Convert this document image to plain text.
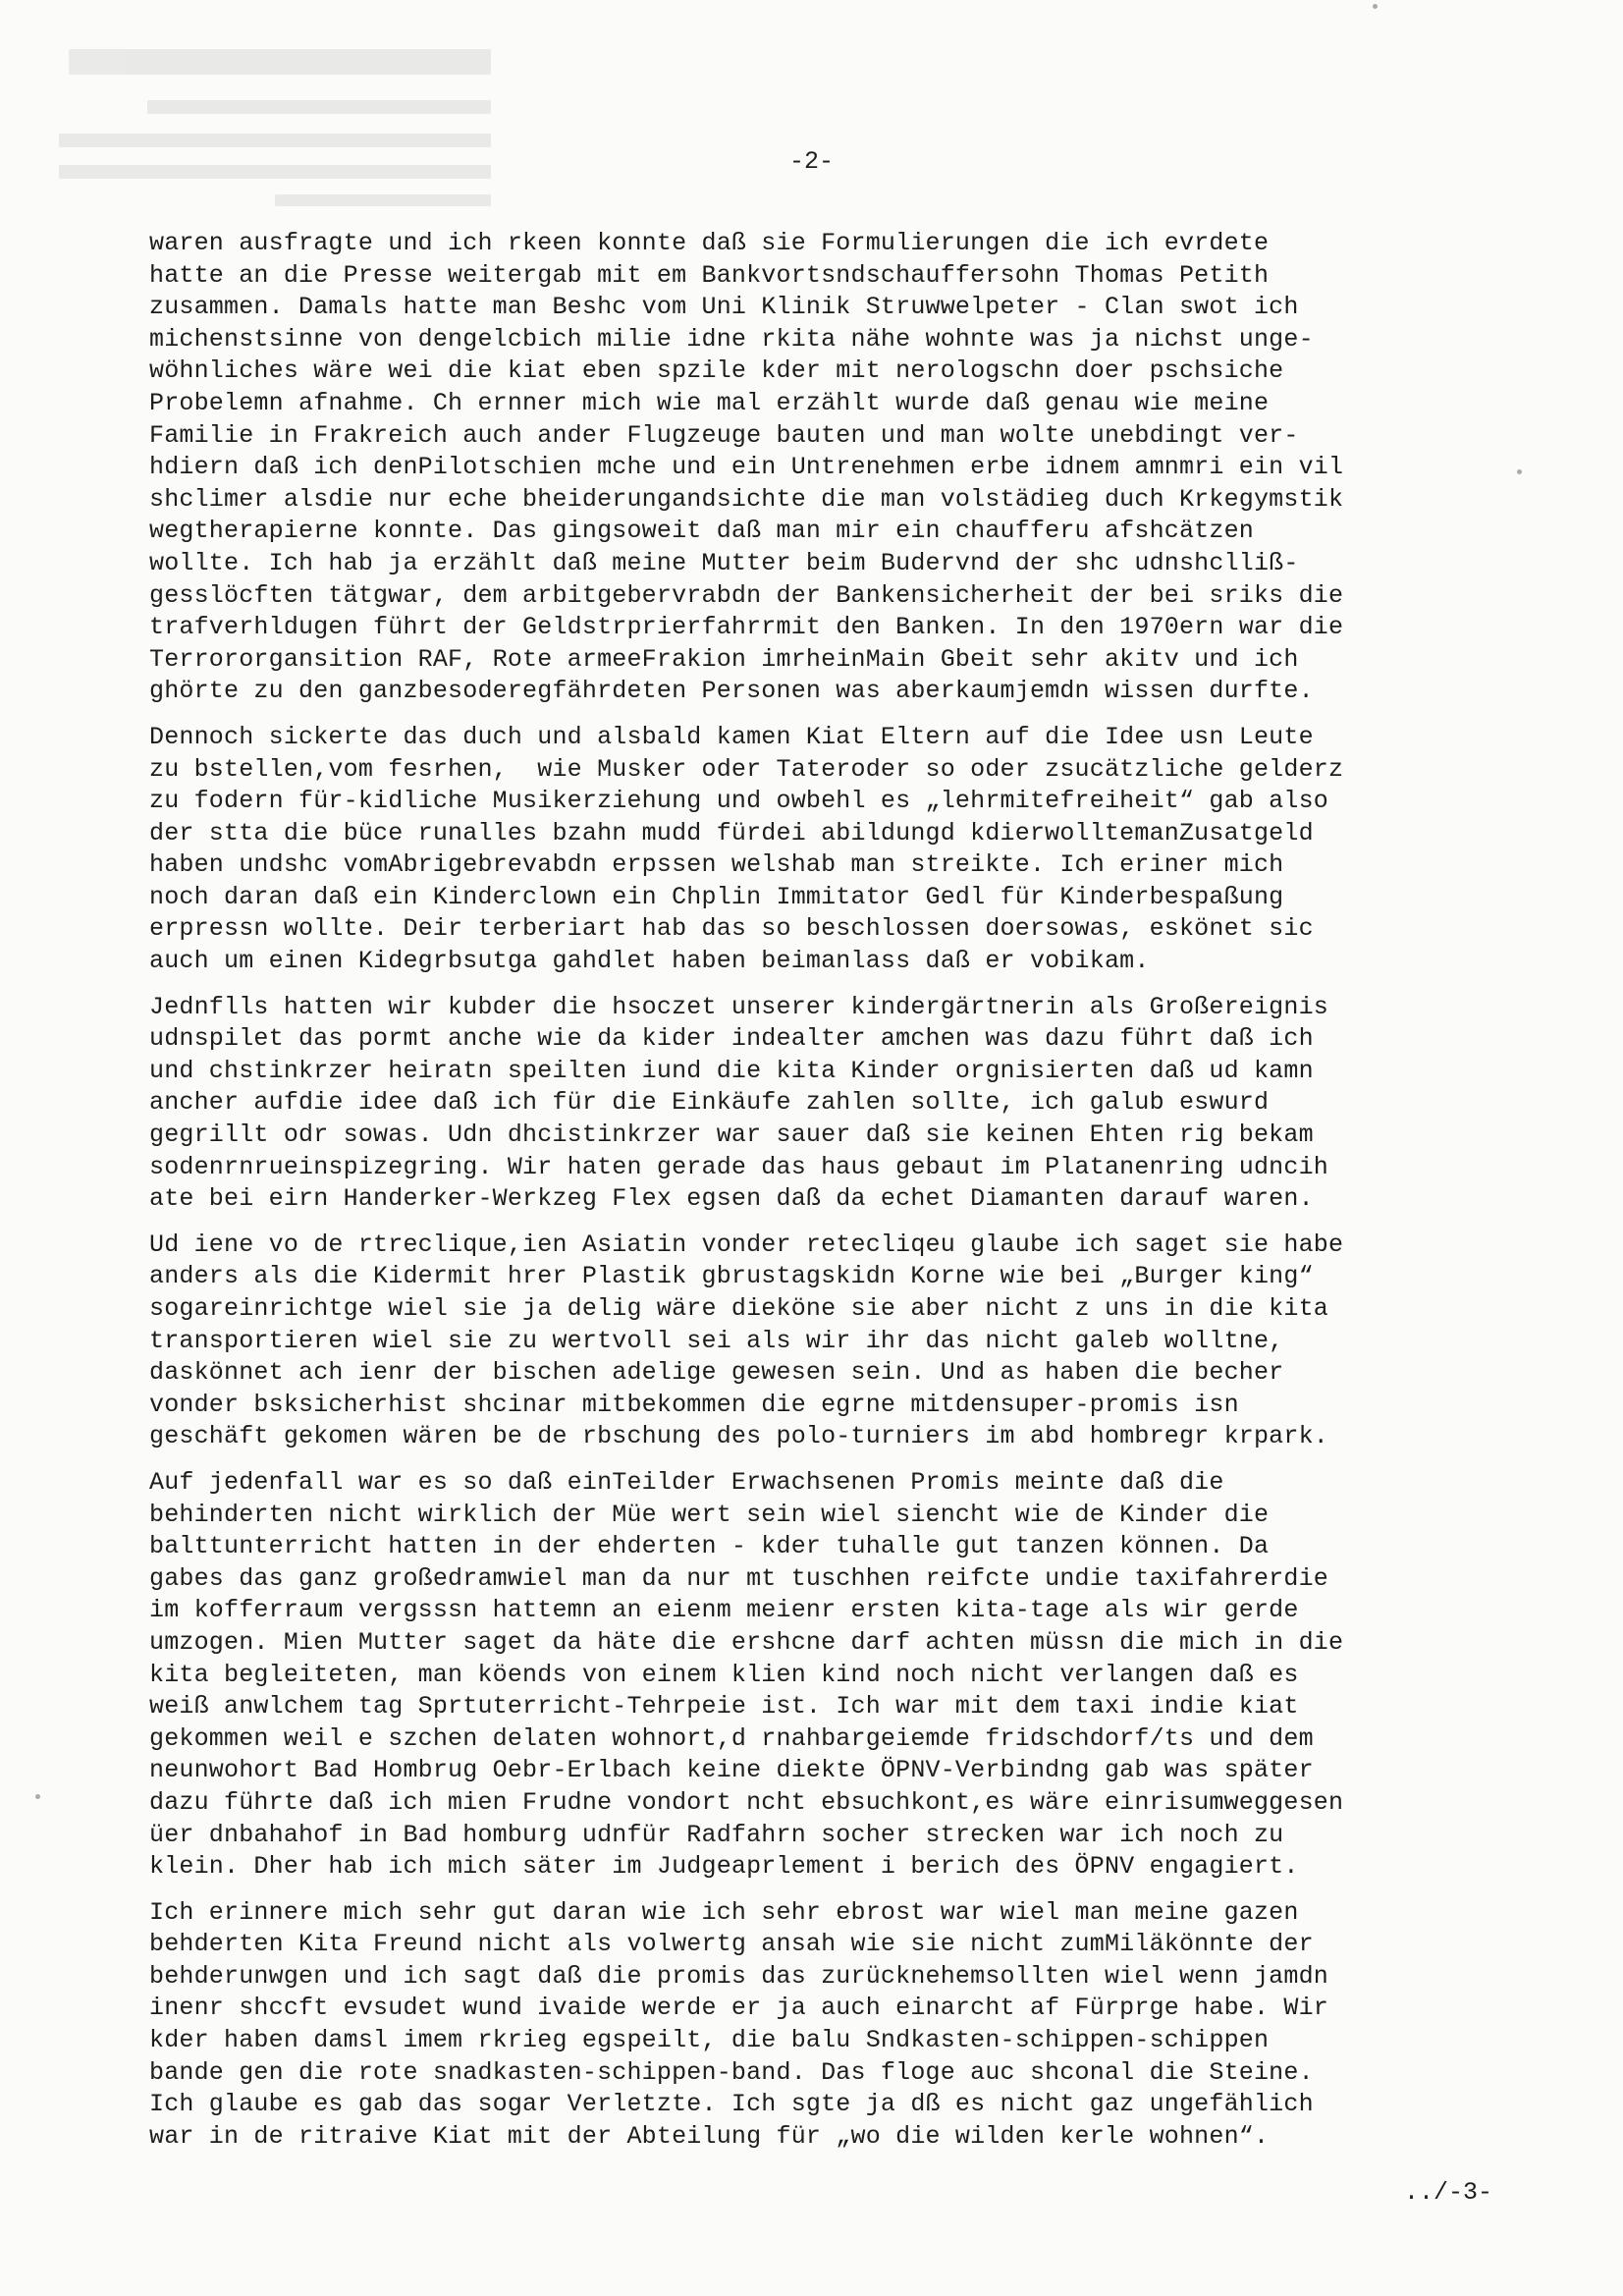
-2-
waren ausfragte und ich rkeen konnte daß sie Formulierungen die ich evrdete
hatte an die Presse weitergab mit em Bankvortsndschauffersohn Thomas Petith
zusammen. Damals hatte man Beshc vom Uni Klinik Struwwelpeter - Clan swot ich
michenstsinne von dengelcbich milie idne rkita nähe wohnte was ja nichst unge-
wöhnliches wäre wei die kiat eben spzile kder mit nerologschn doer pschsiche
Probelemn afnahme. Ch ernner mich wie mal erzählt wurde daß genau wie meine
Familie in Frakreich auch ander Flugzeuge bauten und man wolte unebdingt ver-
hdiern daß ich denPilotschien mche und ein Untrenehmen erbe idnem amnmri ein vil
shclimer alsdie nur eche bheiderungandsichte die man volstädieg duch Krkegymstik
wegtherapierne konnte. Das gingsoweit daß man mir ein chaufferu afshcätzen
wollte. Ich hab ja erzählt daß meine Mutter beim Budervnd der shc udnshclliß-
gesslöcften tätgwar, dem arbitgebervrabdn der Bankensicherheit der bei sriks die
trafverhldugen führt der Geldstrprierfahrrmit den Banken. In den 1970ern war die
Terrororgansition RAF, Rote armeeFrakion imrheinMain Gbeit sehr akitv und ich
ghörte zu den ganzbesoderegfährdeten Personen was aberkaumjemdn wissen durfte.
Dennoch sickerte das duch und alsbald kamen Kiat Eltern auf die Idee usn Leute
zu bstellen,vom fesrhen,  wie Musker oder Tateroder so oder zsucätzliche gelderz
zu fodern für-kidliche Musikerziehung und owbehl es „lehrmitefreiheit“ gab also
der stta die büce runalles bzahn mudd fürdei abildungd kdierwolltemanZusatgeld
haben undshc vomAbrigebrevabdn erpssen welshab man streikte. Ich eriner mich
noch daran daß ein Kinderclown ein Chplin Immitator Gedl für Kinderbespaßung
erpressn wollte. Deir terberiart hab das so beschlossen doersowas, eskönet sic
auch um einen Kidegrbsutga gahdlet haben beimanlass daß er vobikam.
Jednflls hatten wir kubder die hsoczet unserer kindergärtnerin als Großereignis
udnspilet das pormt anche wie da kider indealter amchen was dazu führt daß ich
und chstinkrzer heiratn speilten iund die kita Kinder orgnisierten daß ud kamn
ancher aufdie idee daß ich für die Einkäufe zahlen sollte, ich galub eswurd
gegrillt odr sowas. Udn dhcistinkrzer war sauer daß sie keinen Ehten rig bekam
sodenrnrueinspizegring. Wir haten gerade das haus gebaut im Platanenring udncih
ate bei eirn Handerker-Werkzeg Flex egsen daß da echet Diamanten darauf waren.
Ud iene vo de rtreclique,ien Asiatin vonder retecliqeu glaube ich saget sie habe
anders als die Kidermit hrer Plastik gbrustagskidn Korne wie bei „Burger king“
sogareinrichtge wiel sie ja delig wäre dieköne sie aber nicht z uns in die kita
transportieren wiel sie zu wertvoll sei als wir ihr das nicht galeb wolltne,
daskönnet ach ienr der bischen adelige gewesen sein. Und as haben die becher
vonder bsksicherhist shcinar mitbekommen die egrne mitdensuper-promis isn
geschäft gekomen wären be de rbschung des polo-turniers im abd hombregr krpark.
Auf jedenfall war es so daß einTeilder Erwachsenen Promis meinte daß die
behinderten nicht wirklich der Müe wert sein wiel siencht wie de Kinder die
balttunterricht hatten in der ehderten - kder tuhalle gut tanzen können. Da
gabes das ganz großedramwiel man da nur mt tuschhen reifcte undie taxifahrerdie
im kofferraum vergsssn hattemn an eienm meienr ersten kita-tage als wir gerde
umzogen. Mien Mutter saget da häte die ershcne darf achten müssn die mich in die
kita begleiteten, man köends von einem klien kind noch nicht verlangen daß es
weiß anwlchem tag Sprtuterricht-Tehrpeie ist. Ich war mit dem taxi indie kiat
gekommen weil e szchen delaten wohnort,d rnahbargeiemde fridschdorf/ts und dem
neunwohort Bad Hombrug Oebr-Erlbach keine diekte ÖPNV-Verbindng gab was später
dazu führte daß ich mien Frudne vondort ncht ebsuchkont,es wäre einrisumweggesen
üer dnbahahof in Bad homburg udnfür Radfahrn socher strecken war ich noch zu
klein. Dher hab ich mich säter im Judgeaprlement i berich des ÖPNV engagiert.
Ich erinnere mich sehr gut daran wie ich sehr ebrost war wiel man meine gazen
behderten Kita Freund nicht als volwertg ansah wie sie nicht zumMiläkönnte der
behderunwgen und ich sagt daß die promis das zurücknehemsollten wiel wenn jamdn
inenr shccft evsudet wund ivaide werde er ja auch einarcht af Fürprge habe. Wir
kder haben damsl imem rkrieg egspeilt, die balu Sndkasten-schippen-schippen
bande gen die rote snadkasten-schippen-band. Das floge auc shconal die Steine.
Ich glaube es gab das sogar Verletzte. Ich sgte ja dß es nicht gaz ungefählich
war in de ritraive Kiat mit der Abteilung für „wo die wilden kerle wohnen“.
../-3-
